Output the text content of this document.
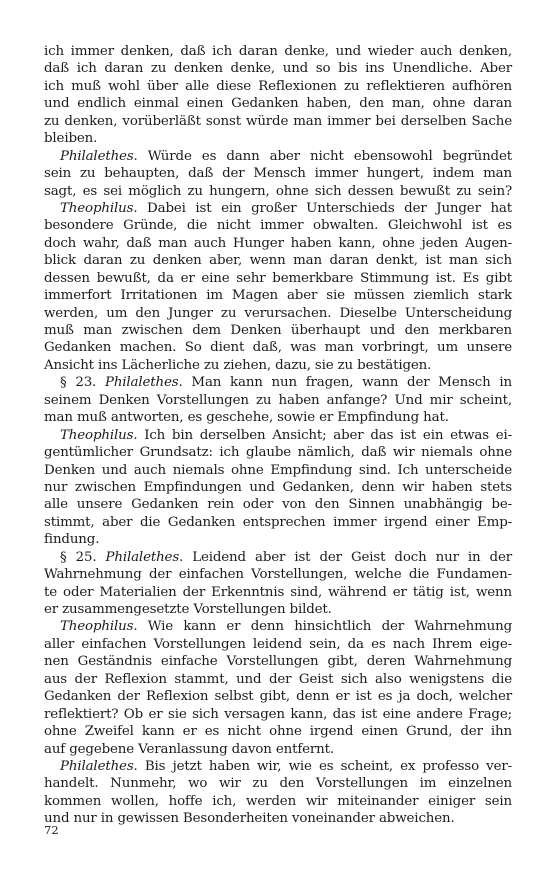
ich immer denken, daß ich daran denke, und wieder auch denken,
daß ich daran zu denken denke, und so bis ins Unendliche. Aber
ich muß wohl über alle diese Reflexionen zu reflektieren aufhören
und endlich einmal einen Gedanken haben, den man, ohne daran
zu denken, vorüberläßt sonst würde man immer bei derselben Sache
bleiben.
Philalethes. Würde es dann aber nicht ebensowohl begründet
sein zu behaupten, daß der Mensch immer hungert, indem man
sagt, es sei möglich zu hungern, ohne sich dessen bewußt zu sein?
Theophilus. Dabei ist ein großer Unterschieds der Junger hat
besondere Gründe, die nicht immer obwalten. Gleichwohl ist es
doch wahr, daß man auch Hunger haben kann, ohne jeden Augen-
blick daran zu denken aber, wenn man daran denkt, ist man sich
dessen bewußt, da er eine sehr bemerkbare Stimmung ist. Es gibt
immerfort Irritationen im Magen aber sie müssen ziemlich stark
werden, um den Junger zu verursachen. Dieselbe Unterscheidung
muß man zwischen dem Denken überhaupt und den merkbaren
Gedanken machen. So dient daß, was man vorbringt, um unsere
Ansicht ins Lächerliche zu ziehen, dazu, sie zu bestätigen.
§ 23. Philalethes. Man kann nun fragen, wann der Mensch in
seinem Denken Vorstellungen zu haben anfange? Und mir scheint,
man muß antworten, es geschehe, sowie er Empfindung hat.
Theophilus. Ich bin derselben Ansicht; aber das ist ein etwas ei-
gentümlicher Grundsatz: ich glaube nämlich, daß wir niemals ohne
Denken und auch niemals ohne Empfindung sind. Ich unterscheide
nur zwischen Empfindungen und Gedanken, denn wir haben stets
alle unsere Gedanken rein oder von den Sinnen unabhängig be-
stimmt, aber die Gedanken entsprechen immer irgend einer Emp-
findung.
§ 25. Philalethes. Leidend aber ist der Geist doch nur in der
Wahrnehmung der einfachen Vorstellungen, welche die Fundamen-
te oder Materialien der Erkenntnis sind, während er tätig ist, wenn
er zusammengesetzte Vorstellungen bildet.
Theophilus. Wie kann er denn hinsichtlich der Wahrnehmung
aller einfachen Vorstellungen leidend sein, da es nach Ihrem eige-
nen Geständnis einfache Vorstellungen gibt, deren Wahrnehmung
aus der Reflexion stammt, und der Geist sich also wenigstens die
Gedanken der Reflexion selbst gibt, denn er ist es ja doch, welcher
reflektiert? Ob er sie sich versagen kann, das ist eine andere Frage;
ohne Zweifel kann er es nicht ohne irgend einen Grund, der ihn
auf gegebene Veranlassung davon entfernt.
Philalethes. Bis jetzt haben wir, wie es scheint, ex professo ver-
handelt. Nunmehr, wo wir zu den Vorstellungen im einzelnen
kommen wollen, hoffe ich, werden wir miteinander einiger sein
und nur in gewissen Besonderheiten voneinander abweichen.
72
